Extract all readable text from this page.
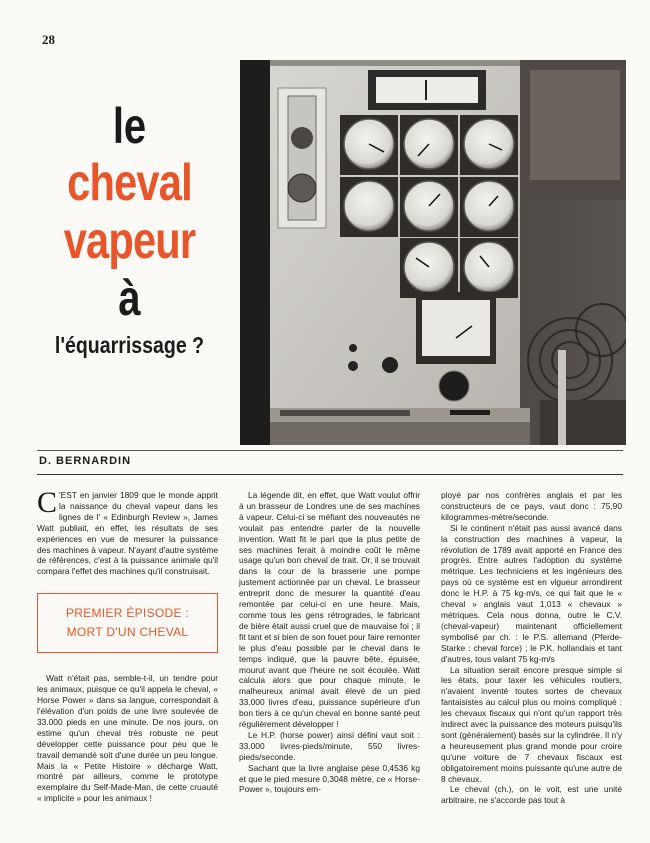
28
le
cheval
vapeur
à
l'équarrissage ?
D. BERNARDIN

C 'EST en janvier 1809 que le monde apprit la naissance du cheval vapeur dans les lignes de l' « Edinburgh Review », James Watt publiait, en effet, les résultats de ses expériences en vue de mesurer la puissance des machines à vapeur. N'ayant d'autre système de références, c'est à la puissance animale qu'il compara l'effet des machines qu'il construisait.

PREMIER ÉPISODE :
MORT D'UN CHEVAL

Watt n'était pas, semble-t-il, un tendre pour les animaux, puisque ce qu'il appela le cheval, « Horse Power » dans sa langue, correspondait à l'élévation d'un poids de une livre soulevée de 33.000 pieds en une minute. De nos jours, on estime qu'un cheval très robuste ne peut développer cette puissance pour peu que le travail demandé soit d'une durée un peu longue. Mais la « Petite Histoire » décharge Watt, montré par ailleurs, comme le prototype exemplaire du Self-Made-Man, de cette cruauté « implicite » pour les animaux !

La légende dit, en effet, que Watt voulut offrir à un brasseur de Londres une de ses machines à vapeur. Celui-ci se méfiant des nouveautés ne voulait pas entendre parler de la nouvelle invention. Watt fit le pari que la plus petite de ses machines ferait à moindre coût le même usage qu'un bon cheval de trait. Or, il se trouvait dans la cour de la brasserie une pompe justement actionnée par un cheval. Le brasseur entreprit donc de mesurer la quantité d'eau remontée par celui-ci en une heure. Mais, comme tous les gens rétrogrades, le fabricant de bière était aussi cruel que de mauvaise foi ; il fit tant et si bien de son fouet pour faire remonter le plus d'eau possible par le cheval dans le temps indiqué, que la pauvre bête, épuisée, mourut avant que l'heure ne soit écoulée. Watt calcula alors que pour chaque minute, le malheureux animal avait élevé de un pied 33.000 livres d'eau, puissance supérieure d'un bon tiers à ce qu'un cheval en bonne santé peut régulièrement développer !

Le H.P. (horse power) ainsi défini vaut soit : 33.000 livres-pieds/minute, 550 livres-pieds/seconde.

Sachant que la livre anglaise pèse 0,4536 kg et que le pied mesure 0,3048 mètre, ce « Horse-Power », toujours em-

ployé par nos confrères anglais et par les constructeurs de ce pays, vaut donc : 75,90 kilogrammes-mètre/seconde.

Si le continent n'était pas aussi avancé dans la construction des machines à vapeur, la révolution de 1789 avait apporté en France des progrès. Entre autres l'adoption du système métrique. Les techniciens et les ingénieurs des pays où ce système est en vigueur arrondirent donc le H.P. à 75 kg-m/s, ce qui fait que le « cheval » anglais vaut 1,013 « chevaux » métriques. Cela nous donna, outre le C.V. (cheval-vapeur) maintenant officiellement symbolisé par ch. : le P.S. allemand (Pferde-Starke : cheval force) ; le P.K. hollandais et tant d'autres, tous valant 75 kg-m/s

La situation serait encore presque simple si les états, pour taxer les véhicules routiers, n'avaient inventé toutes sortes de chevaux fantaisistes au calcul plus ou moins compliqué : les chevaux fiscaux qui n'ont qu'un rapport très indirect avec la puissance des moteurs puisqu'ils sont (généralement) basés sur la cylindrée. Il n'y a heureusement plus grand monde pour croire qu'une voiture de 7 chevaux fiscaux est obligatoirement moins puissante qu'une autre de 8 chevaux.

Le cheval (ch.), on le voit, est une unité arbitraire, ne s'accorde pas tout à
